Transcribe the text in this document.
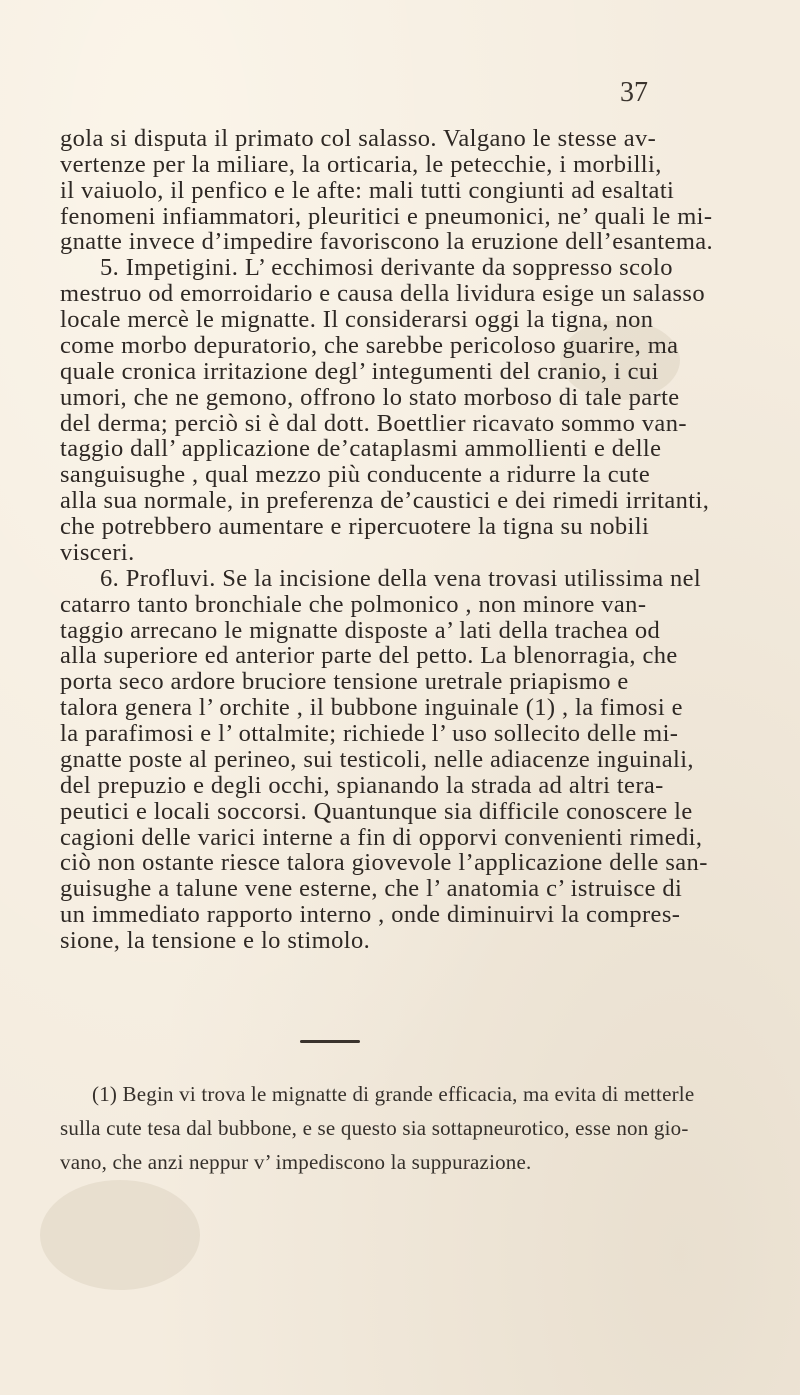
37
gola si disputa il primato col salasso. Valgano le stesse av-
vertenze per la miliare, la orticaria, le petecchie, i morbilli,
il vaiuolo, il penfico e le afte: mali tutti congiunti ad esaltati
fenomeni infiammatori, pleuritici e pneumonici, ne’ quali le mi-
gnatte invece d’impedire favoriscono la eruzione dell’esantema.
5. Impetigini. L’ ecchimosi derivante da soppresso scolo
mestruo od emorroidario e causa della lividura esige un salasso
locale mercè le mignatte. Il considerarsi oggi la tigna, non
come morbo depuratorio, che sarebbe pericoloso guarire, ma
quale cronica irritazione degl’ integumenti del cranio, i cui
umori, che ne gemono, offrono lo stato morboso di tale parte
del derma; perciò si è dal dott. Boettlier ricavato sommo van-
taggio dall’ applicazione de’cataplasmi ammollienti e delle
sanguisughe , qual mezzo più conducente a ridurre la cute
alla sua normale, in preferenza de’caustici e dei rimedi irritanti,
che potrebbero aumentare e ripercuotere la tigna su nobili
visceri.
6. Profluvi. Se la incisione della vena trovasi utilissima nel
catarro tanto bronchiale che polmonico , non minore van-
taggio arrecano le mignatte disposte a’ lati della trachea od
alla superiore ed anterior parte del petto. La blenorragia, che
porta seco ardore bruciore tensione uretrale priapismo e
talora genera l’ orchite , il bubbone inguinale (1) , la fimosi e
la parafimosi e l’ ottalmite; richiede l’ uso sollecito delle mi-
gnatte poste al perineo, sui testicoli, nelle adiacenze inguinali,
del prepuzio e degli occhi, spianando la strada ad altri tera-
peutici e locali soccorsi. Quantunque sia difficile conoscere le
cagioni delle varici interne a fin di opporvi convenienti rimedi,
ciò non ostante riesce talora giovevole l’applicazione delle san-
guisughe a talune vene esterne, che l’ anatomia c’ istruisce di
un immediato rapporto interno , onde diminuirvi la compres-
sione, la tensione e lo stimolo.
(1) Begin vi trova le mignatte di grande efficacia, ma evita di metterle
sulla cute tesa dal bubbone, e se questo sia sottapneurotico, esse non gio-
vano, che anzi neppur v’ impediscono la suppurazione.
